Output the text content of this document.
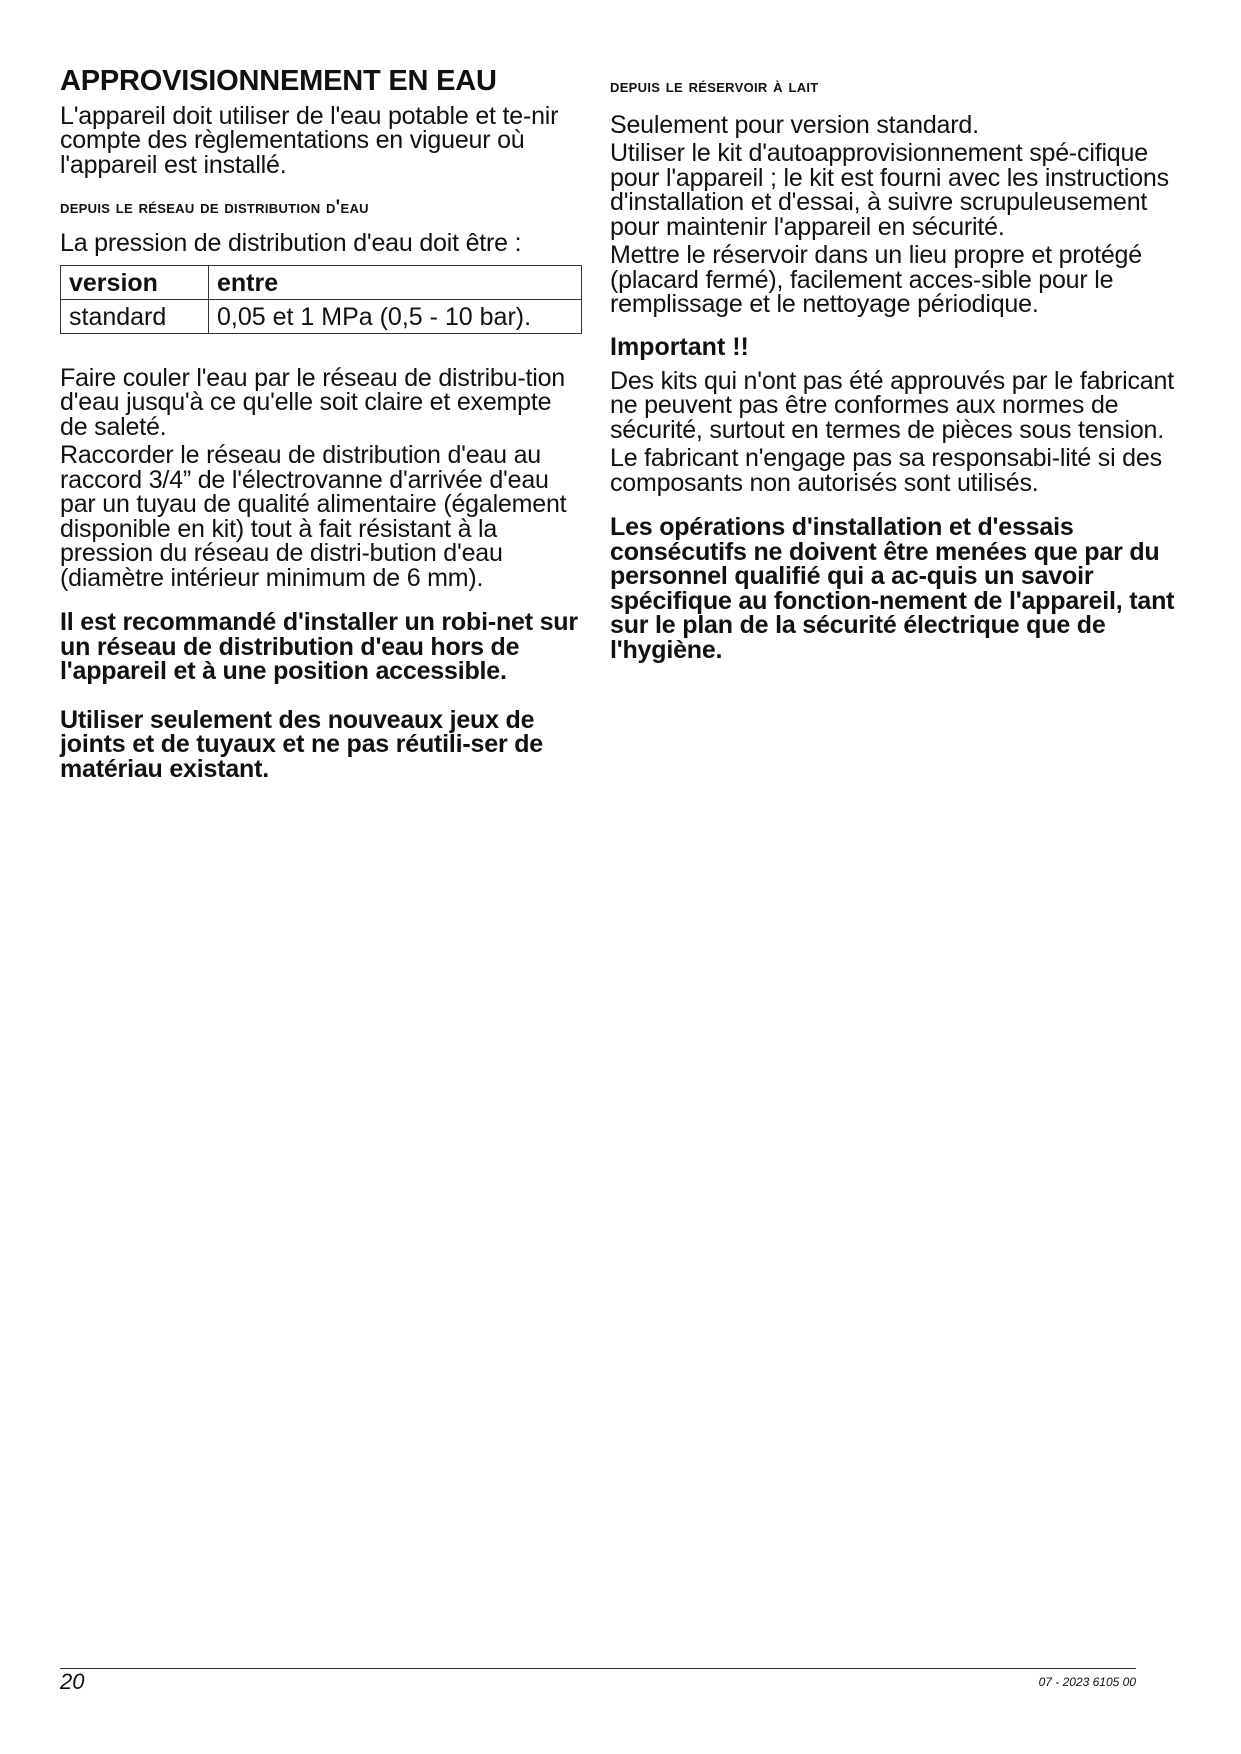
APPROVISIONNEMENT EN EAU

L'appareil doit utiliser de l'eau potable et te-nir compte des règlementations en vigueur où l'appareil est installé.

depuis le réseau de distribution d'eau

La pression de distribution d'eau doit être :

version	entre
standard	0,05 et 1 MPa (0,5 - 10 bar).

Faire couler l'eau par le réseau de distribu-tion d'eau jusqu'à ce qu'elle soit claire et exempte de saleté.

Raccorder le réseau de distribution d'eau au raccord 3/4” de l'électrovanne d'arrivée d'eau par un tuyau de qualité alimentaire (également disponible en kit) tout à fait résistant à la pression du réseau de distri-bution d'eau (diamètre intérieur minimum de 6 mm).

Il est recommandé d'installer un robi-net sur un réseau de distribution d'eau hors de l'appareil et à une position accessible.

Utiliser seulement des nouveaux jeux de joints et de tuyaux et ne pas réutili-ser de matériau existant.

depuis le réservoir à lait

Seulement pour version standard.

Utiliser le kit d'autoapprovisionnement spé-cifique pour l'appareil ; le kit est fourni avec les instructions d'installation et d'essai, à suivre scrupuleusement pour maintenir l'appareil en sécurité.

Mettre le réservoir dans un lieu propre et protégé (placard fermé), facilement acces-sible pour le remplissage et le nettoyage périodique.

Important !!

Des kits qui n'ont pas été approuvés par le fabricant ne peuvent pas être conformes aux normes de sécurité, surtout en termes de pièces sous tension.

Le fabricant n'engage pas sa responsabi-lité si des composants non autorisés sont utilisés.

Les opérations d'installation et d'essais consécutifs ne doivent être menées que par du personnel qualifié qui a ac-quis un savoir spécifique au fonction-nement de l'appareil, tant sur le plan de la sécurité électrique que de l'hygiène.

20	07 - 2023 6105 00
